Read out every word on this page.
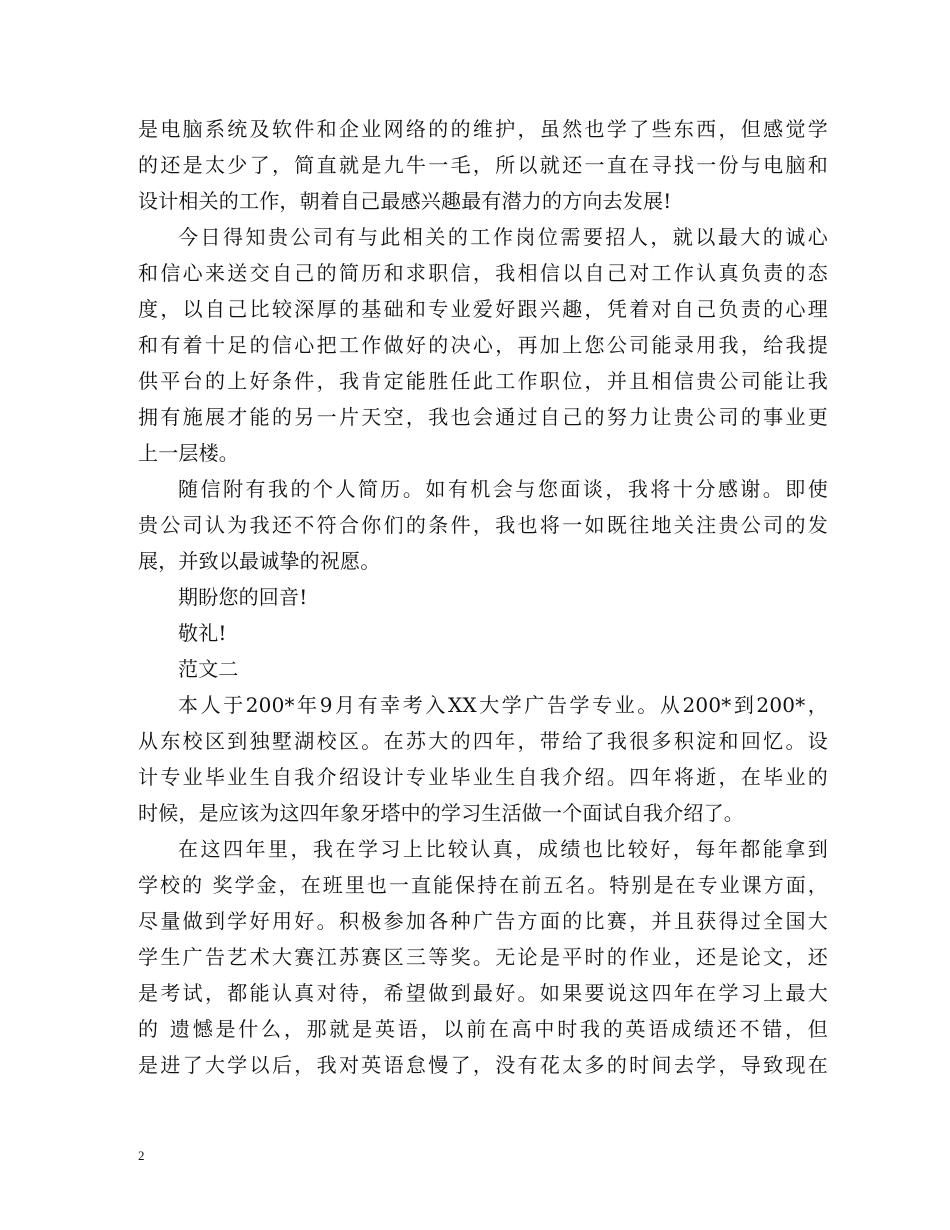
是电脑系统及软件和企业网络的的维护，虽然也学了些东西，但感觉学
的还是太少了，简直就是九牛一毛，所以就还一直在寻找一份与电脑和
设计相关的工作，朝着自己最感兴趣最有潜力的方向去发展!
今日得知贵公司有与此相关的工作岗位需要招人，就以最大的诚心
和信心来送交自己的简历和求职信，我相信以自己对工作认真负责的态
度，以自己比较深厚的基础和专业爱好跟兴趣，凭着对自己负责的心理
和有着十足的信心把工作做好的决心，再加上您公司能录用我，给我提
供平台的上好条件，我肯定能胜任此工作职位，并且相信贵公司能让我
拥有施展才能的另一片天空，我也会通过自己的努力让贵公司的事业更
上一层楼。
随信附有我的个人简历。如有机会与您面谈，我将十分感谢。即使
贵公司认为我还不符合你们的条件，我也将一如既往地关注贵公司的发
展，并致以最诚挚的祝愿。
期盼您的回音!
敬礼!
范文二
本人于200*年9月有幸考入XX大学广告学专业。从200*到200*，
从东校区到独墅湖校区。在苏大的四年，带给了我很多积淀和回忆。设
计专业毕业生自我介绍设计专业毕业生自我介绍。四年将逝，在毕业的
时候，是应该为这四年象牙塔中的学习生活做一个面试自我介绍了。
在这四年里，我在学习上比较认真，成绩也比较好，每年都能拿到
学校的 奖学金，在班里也一直能保持在前五名。特别是在专业课方面，
尽量做到学好用好。积极参加各种广告方面的比赛，并且获得过全国大
学生广告艺术大赛江苏赛区三等奖。无论是平时的作业，还是论文，还
是考试，都能认真对待，希望做到最好。如果要说这四年在学习上最大
的 遗憾是什么，那就是英语，以前在高中时我的英语成绩还不错，但
是进了大学以后，我对英语怠慢了，没有花太多的时间去学，导致现在
2
